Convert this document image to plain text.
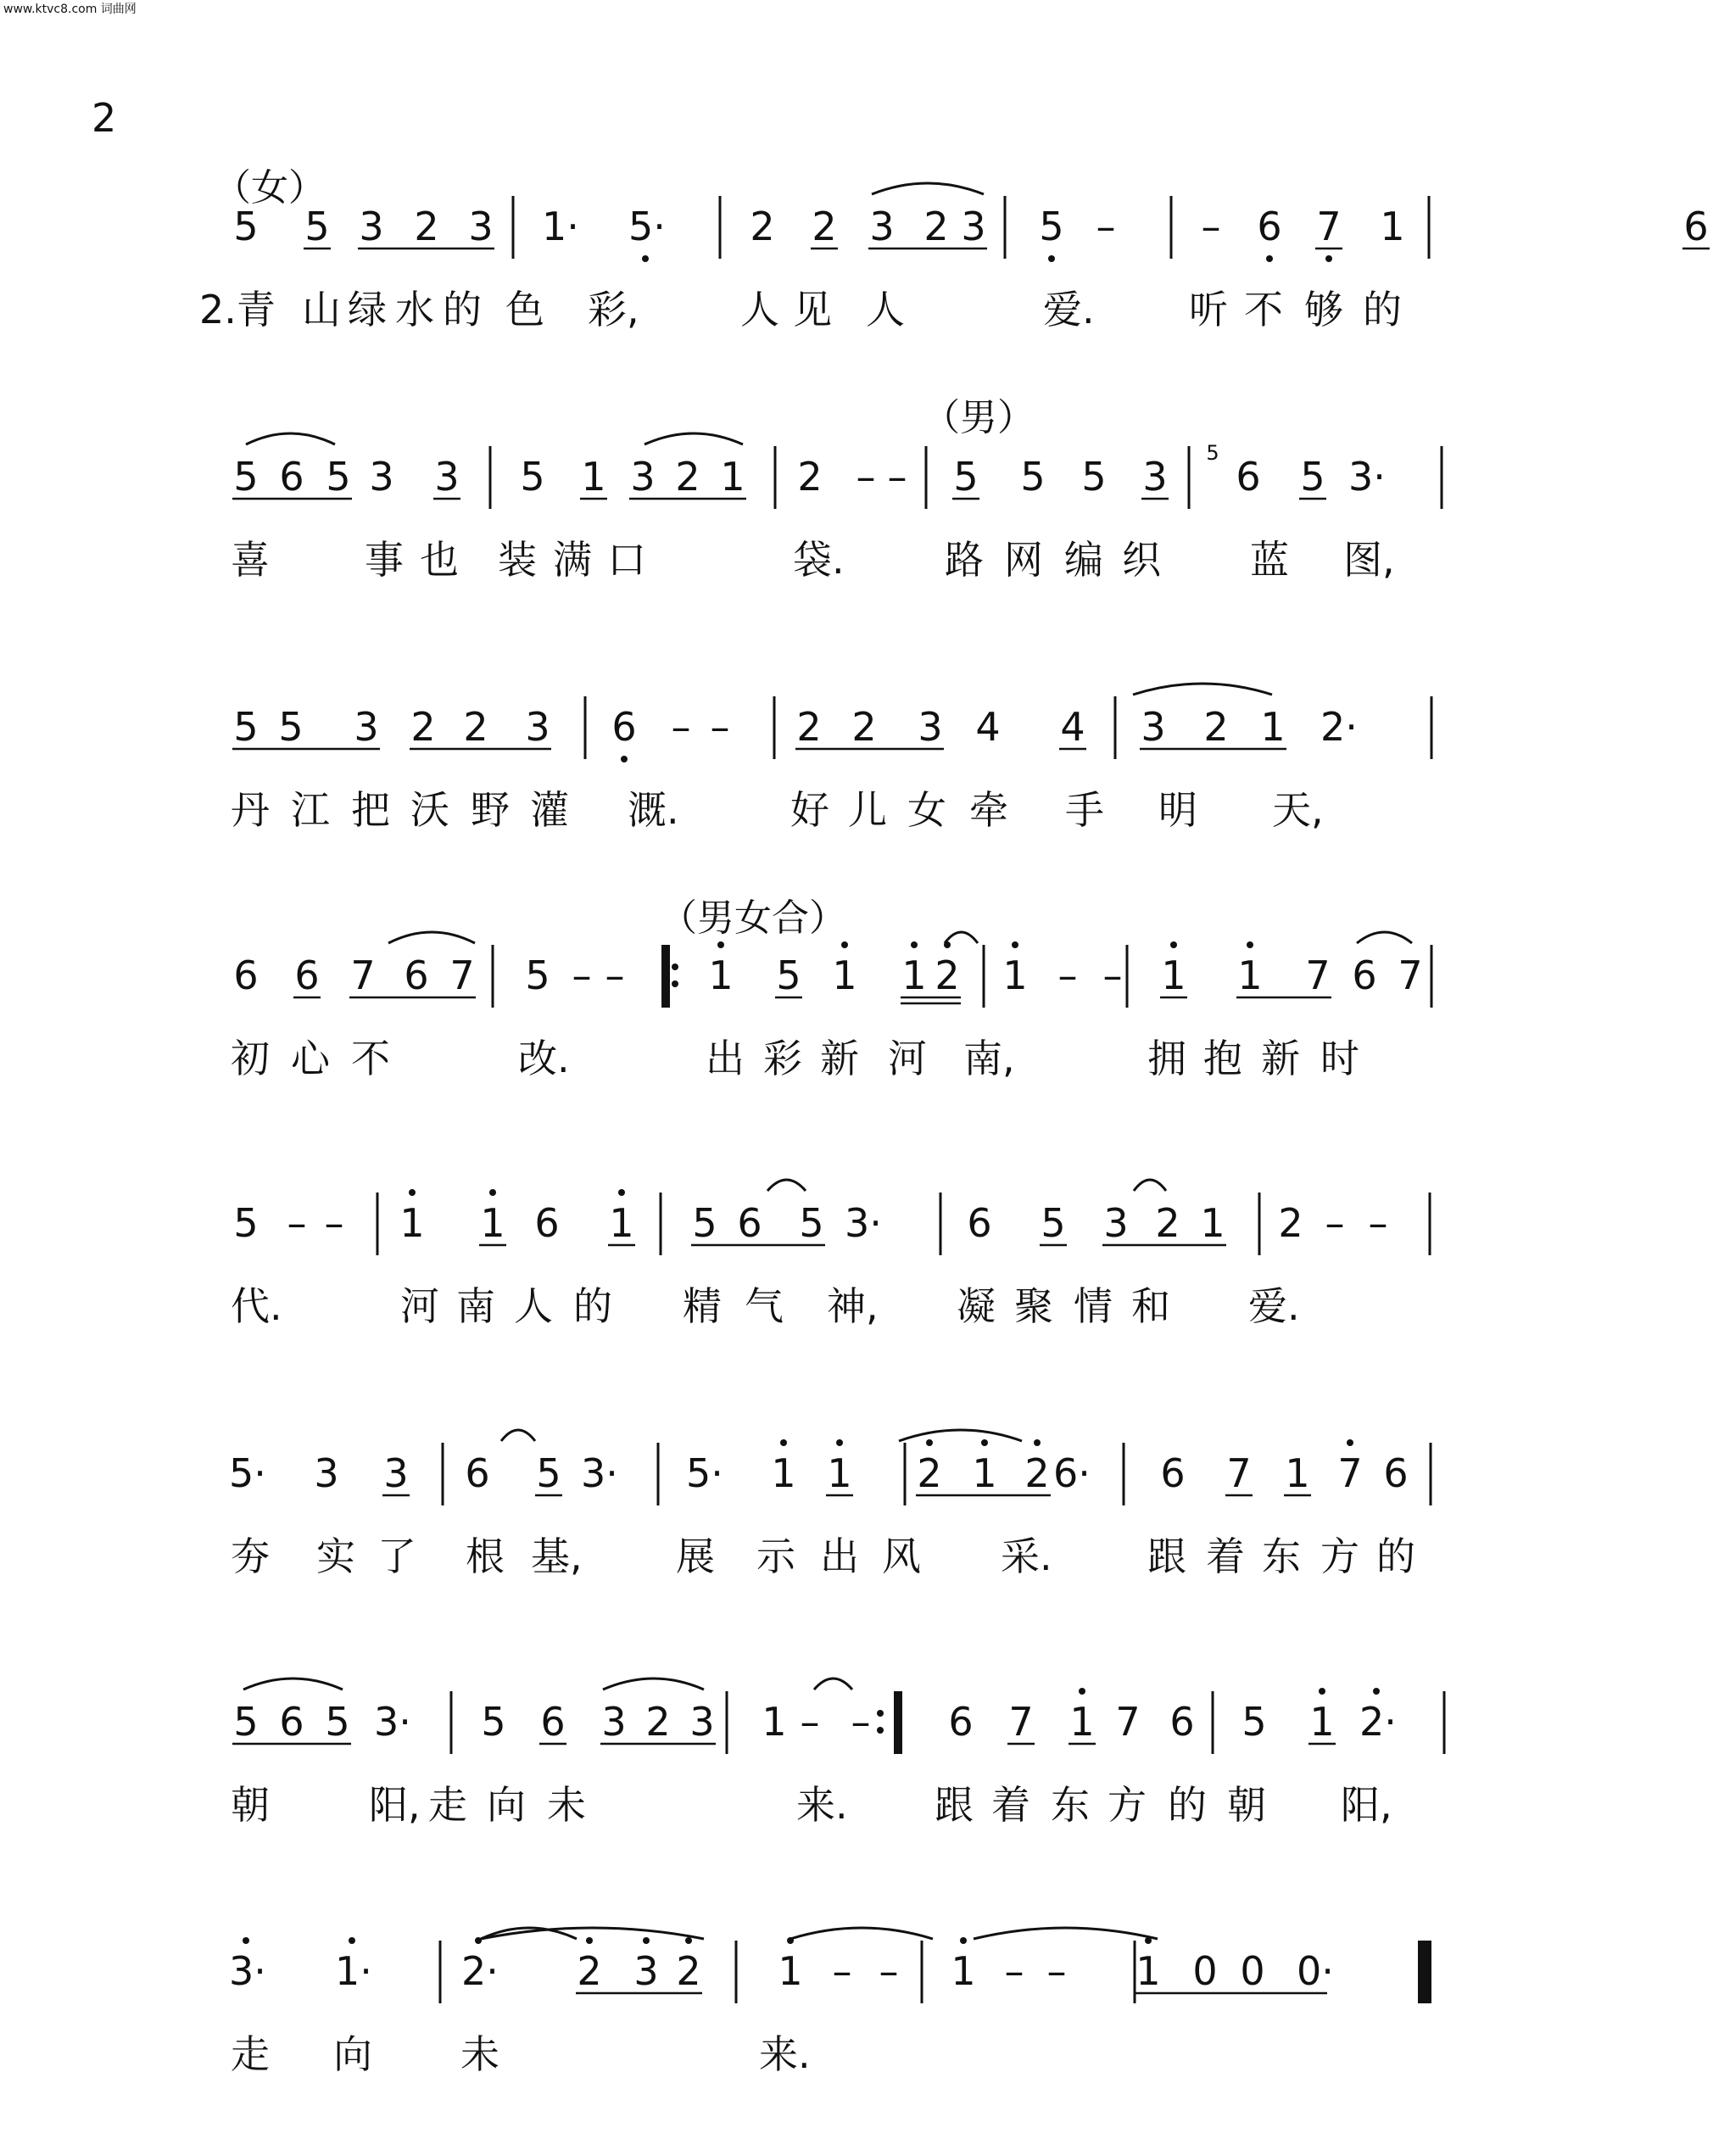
www.ktvc8.com 词曲网
2
（女）
（男）
（男女合）
5 5 3 2 3 1· 5· 2 2 3 2 3 5 – – 6 7 1	6
2.青 山 绿 水 的 色 彩,	人 见 人	爱. 听 不 够 的
5 6 5 3 3 5 1 3 2 1 2 – – 5 5 5 3 6 5 3·
5
喜 事 也 装 满 口	袋.	路 网 编 织 蓝 图,
5 5 3 2 2 3 6 – – 2 2 3 4 4 3 2 1 2·
丹 江 把 沃 野 灌 溉.	好 儿 女 牵 手 明 天,
6 6 7 6 7 5 – – 1 5 1 1 2 1 – – 1 1 7 6 7
初 心 不	改.	出 彩 新 河 南,	拥 抱 新 时
5 – – 1 1 6 1 5 6 5 3· 6 5 3 2 1 2 – –
代.	河 南 人 的 精 气 神, 凝 聚 情 和 爱.
5· 3 3 6 5 3· 5· 1 1 2 1 2 6· 6 7 1 7 6
夯 实 了 根 基, 展 示 出 风 采. 跟 着 东 方 的
5 6 5 3· 5 6 3 2 3 1 – – 6 7 1 7 6 5 1 2·
朝	阳, 走 向 未	来. 跟 着 东 方 的 朝 阳,
3· 1· 2· 2 3 2 1 – – 1 – – 1 0 0 0·
走 向 未	来.
